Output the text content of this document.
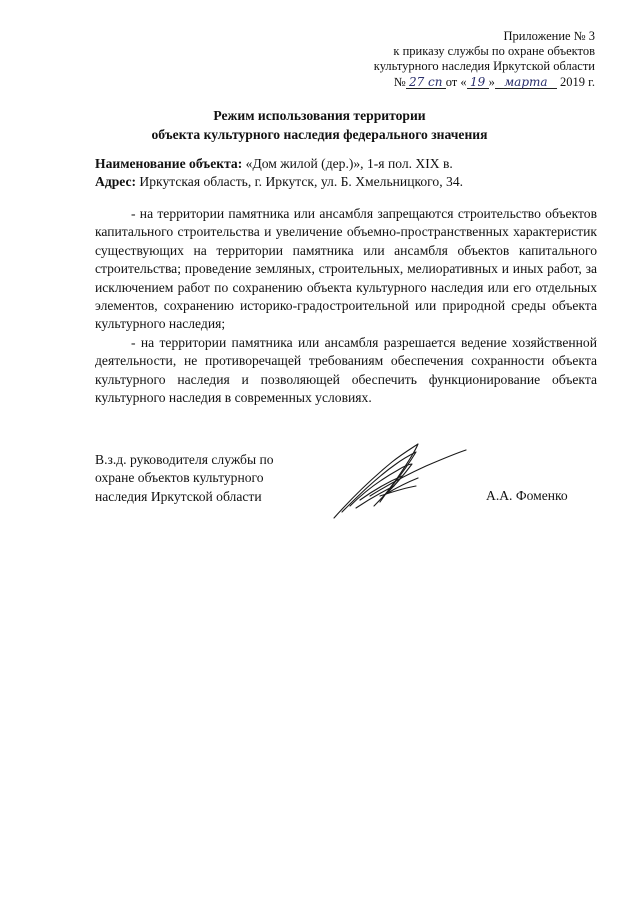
Приложение № 3
к приказу службы по охране объектов
культурного наследия Иркутской области
№ 27 сп от « 19 » марта 2019 г.
Режим использования территории
объекта культурного наследия федерального значения
Наименование объекта: «Дом жилой (дер.)», 1-я пол. XIX в.
Адрес: Иркутская область, г. Иркутск, ул. Б. Хмельницкого, 34.

- на территории памятника или ансамбля запрещаются строительство объектов капитального строительства и увеличение объемно-пространственных характеристик существующих на территории памятника или ансамбля объектов капитального строительства; проведение земляных, строительных, мелиоративных и иных работ, за исключением работ по сохранению объекта культурного наследия или его отдельных элементов, сохранению историко-градостроительной или природной среды объекта культурного наследия;

- на территории памятника или ансамбля разрешается ведение хозяйственной деятельности, не противоречащей требованиям обеспечения сохранности объекта культурного наследия и позволяющей обеспечить функционирование объекта культурного наследия в современных условиях.

В.з.д. руководителя службы по
охране объектов культурного
наследия Иркутской области	А.А. Фоменко
